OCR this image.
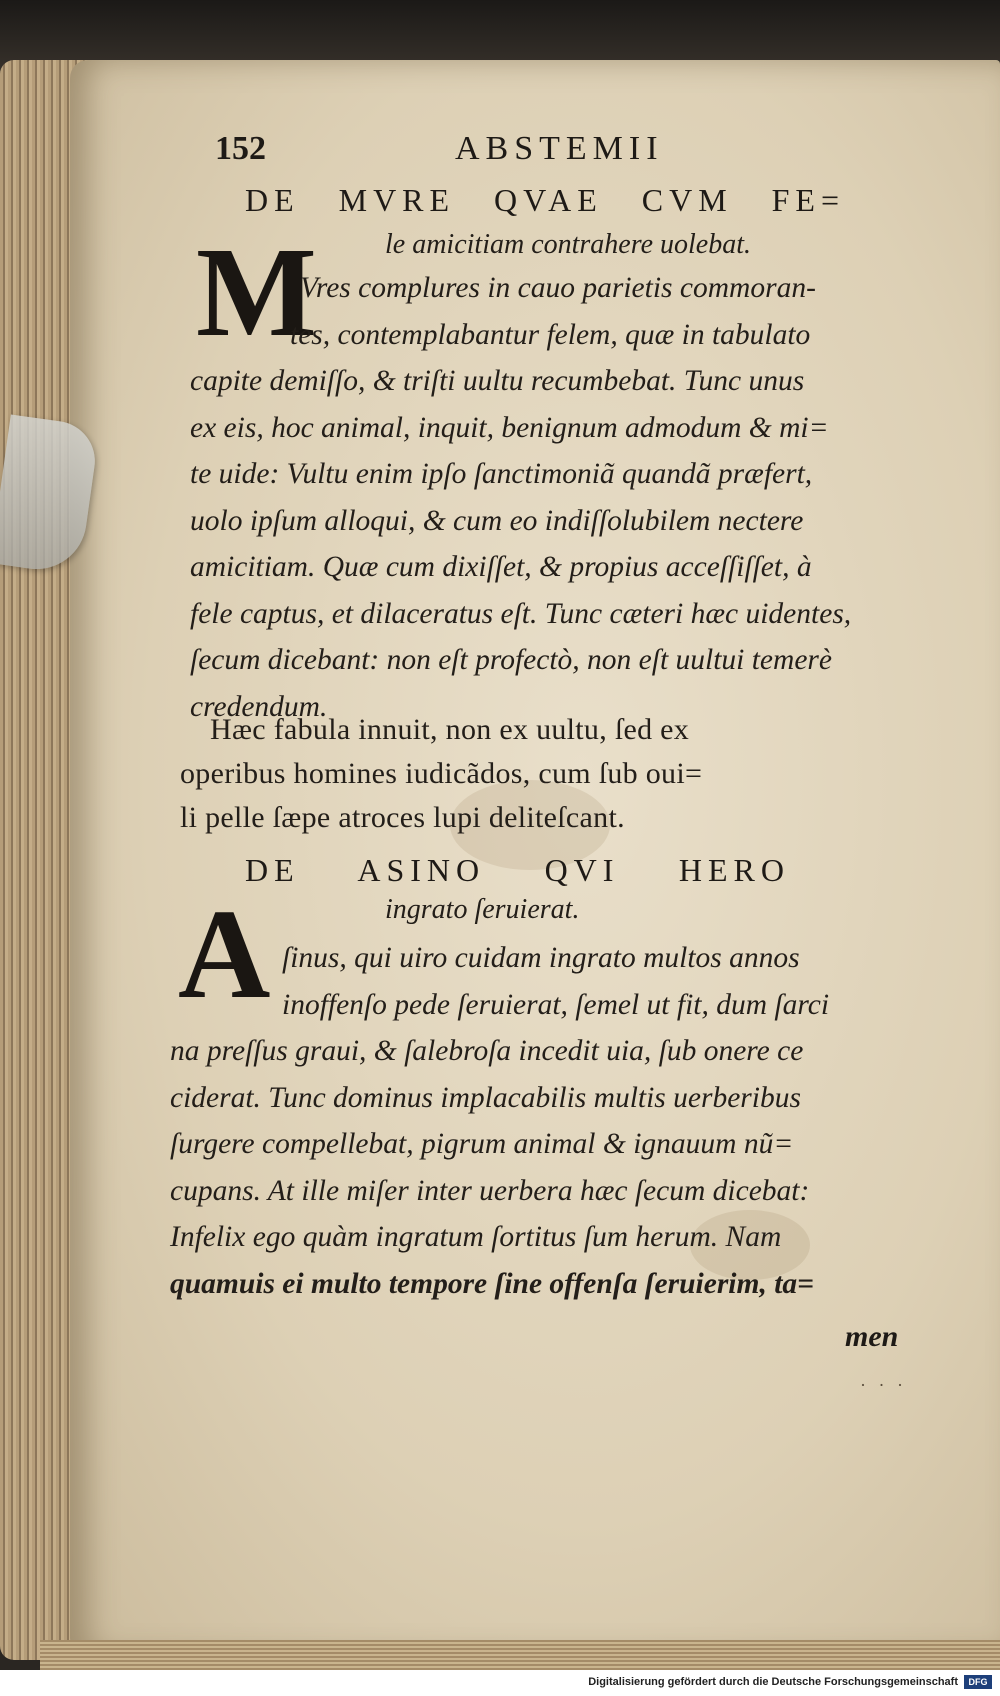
152	ABSTEMII
DE MVRE QVAE CVM FE=
le amicitiam contrahere uolebat.
M
Vres complures in cauo parietis commoran-
tes, contemplabantur felem, quæ in tabulato
capite demiſſo, & triſti uultu recumbebat. Tunc unus
ex eis, hoc animal, inquit, benignum admodum & mi=
te uide: Vultu enim ipſo ſanctimoniã quandã præfert,
uolo ipſum alloqui, & cum eo indiſſolubilem nectere
amicitiam. Quæ cum dixiſſet, & propius acceſſiſſet, à
fele captus, et dilaceratus eſt. Tunc cæteri hæc uidentes,
ſecum dicebant: non eſt profectò, non eſt uultui temerè
credendum.
Hæc fabula innuit, non ex uultu, ſed ex
operibus homines iudicãdos, cum ſub oui=
li pelle ſæpe atroces lupi deliteſcant.
DE ASINO QVI HERO
ingrato ſeruierat.
A ſinus, qui uiro cuidam ingrato multos annos
inoffenſo pede ſeruierat, ſemel ut fit, dum ſarci
na preſſus graui, & ſalebroſa incedit uia, ſub onere ce
ciderat. Tunc dominus implacabilis multis uerberibus
ſurgere compellebat, pigrum animal & ignauum nũ=
cupans. At ille miſer inter uerbera hæc ſecum dicebat:
Infelix ego quàm ingratum ſortitus ſum herum. Nam
quamuis ei multo tempore ſine offenſa ſeruierim, ta=
men
· · ·
Digitalisierung gefördert durch die Deutsche Forschungsgemeinschaft	DFG
